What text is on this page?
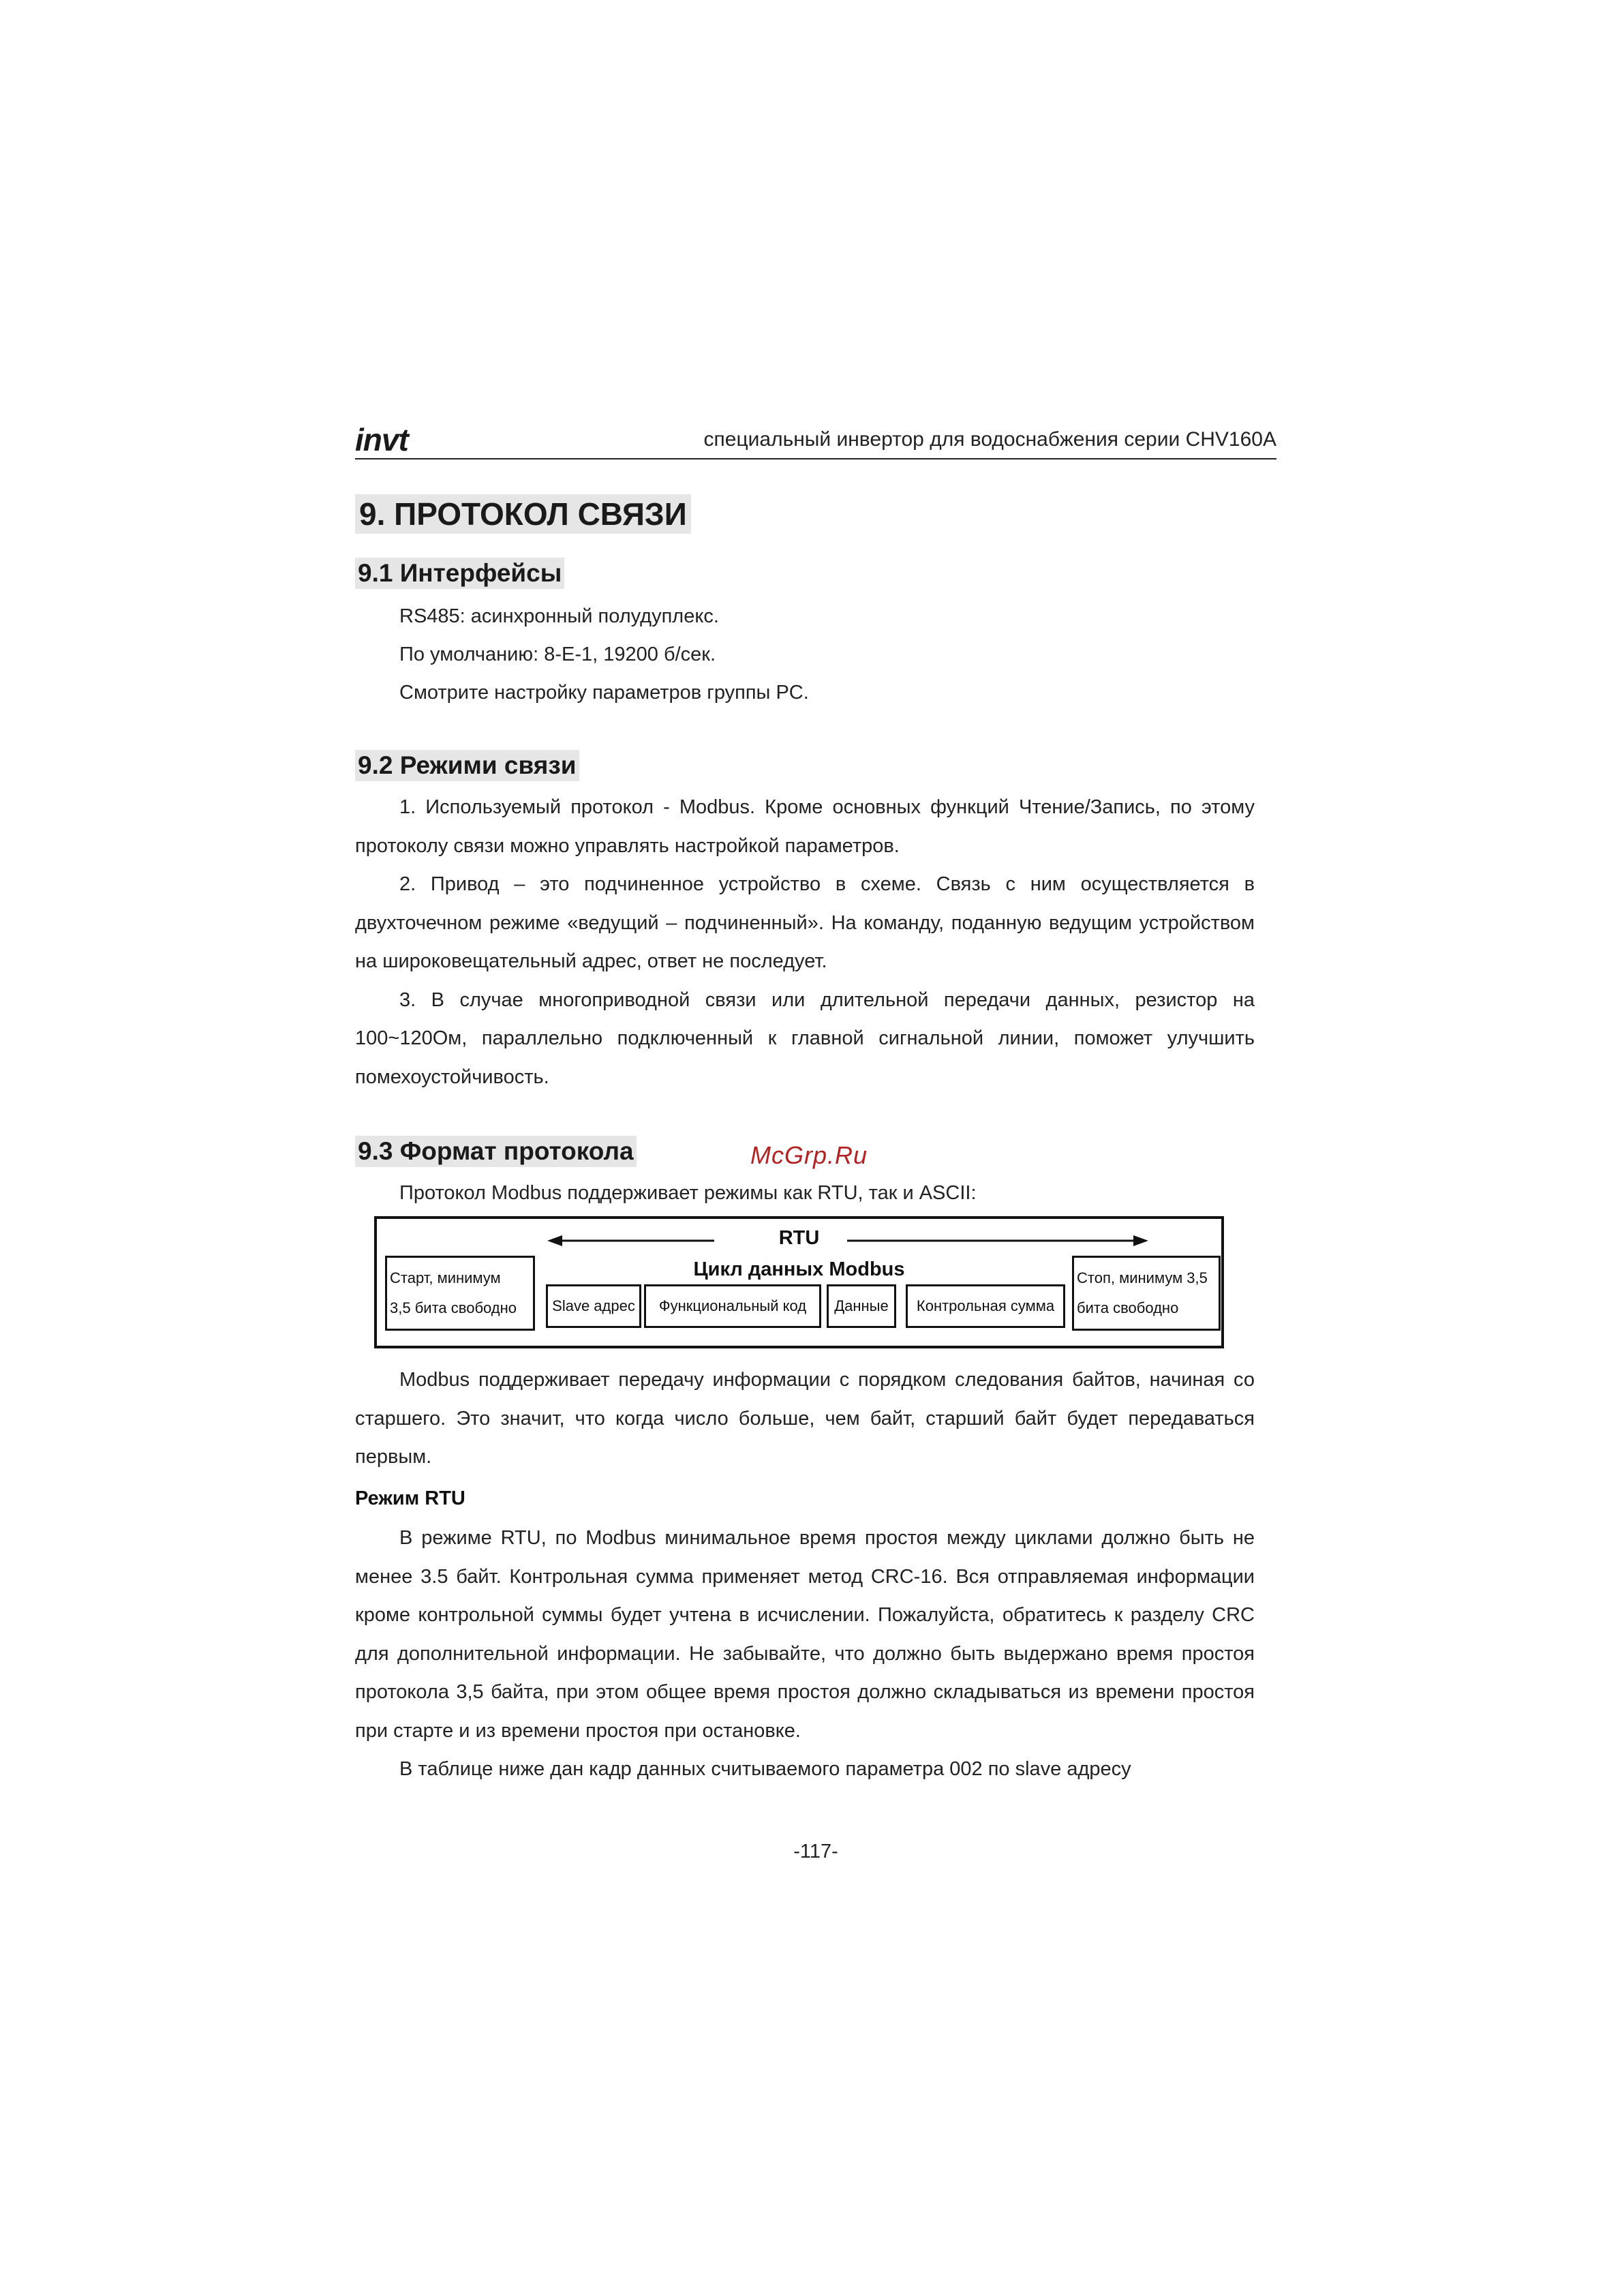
invt	специальный инвертор для водоснабжения серии CHV160A
9. ПРОТОКОЛ СВЯЗИ
9.1 Интерфейсы
RS485: асинхронный полудуплекс.
По умолчанию: 8-E-1, 19200 б/сек.
Смотрите настройку параметров группы PC.
9.2 Режими связи

1. Используемый протокол - Modbus. Кроме основных функций Чтение/Запись, по этому протоколу связи можно управлять настройкой параметров.

2. Привод – это подчиненное устройство в схеме. Связь с ним осуществляется в двухточечном режиме «ведущий – подчиненный». На команду, поданную ведущим устройством на широковещательный адрес, ответ не последует.

3. В случае многоприводной связи или длительной передачи данных, резистор на 100~120Ом, параллельно подключенный к главной сигнальной линии, поможет улучшить помехоустойчивость.

9.3 Формат протокола	McGrp.Ru
Протокол Modbus поддерживает режимы как RTU, так и ASCII:
RTU
Цикл данных Modbus
Старт, минимум
3,5 бита свободно	Slave адрес	Функциональный код	Данные	Контрольная сумма
Стоп, минимум 3,5
бита свободно

Modbus поддерживает передачу информации с порядком следования байтов, начиная со старшего. Это значит, что когда число больше, чем байт, старший байт будет передаваться первым.

Режим RTU

В режиме RTU, по Modbus минимальное время простоя между циклами должно быть не менее 3.5 байт. Контрольная сумма применяет метод CRC-16. Вся отправляемая информации кроме контрольной суммы будет учтена в исчислении. Пожалуйста, обратитесь к разделу CRC для дополнительной информации. Не забывайте, что должно быть выдержано время простоя протокола 3,5 байта, при этом общее время простоя должно складываться из времени простоя при старте и из времени простоя при остановке.

В таблице ниже дан кадр данных считываемого параметра 002 по slave адресу

-117-
